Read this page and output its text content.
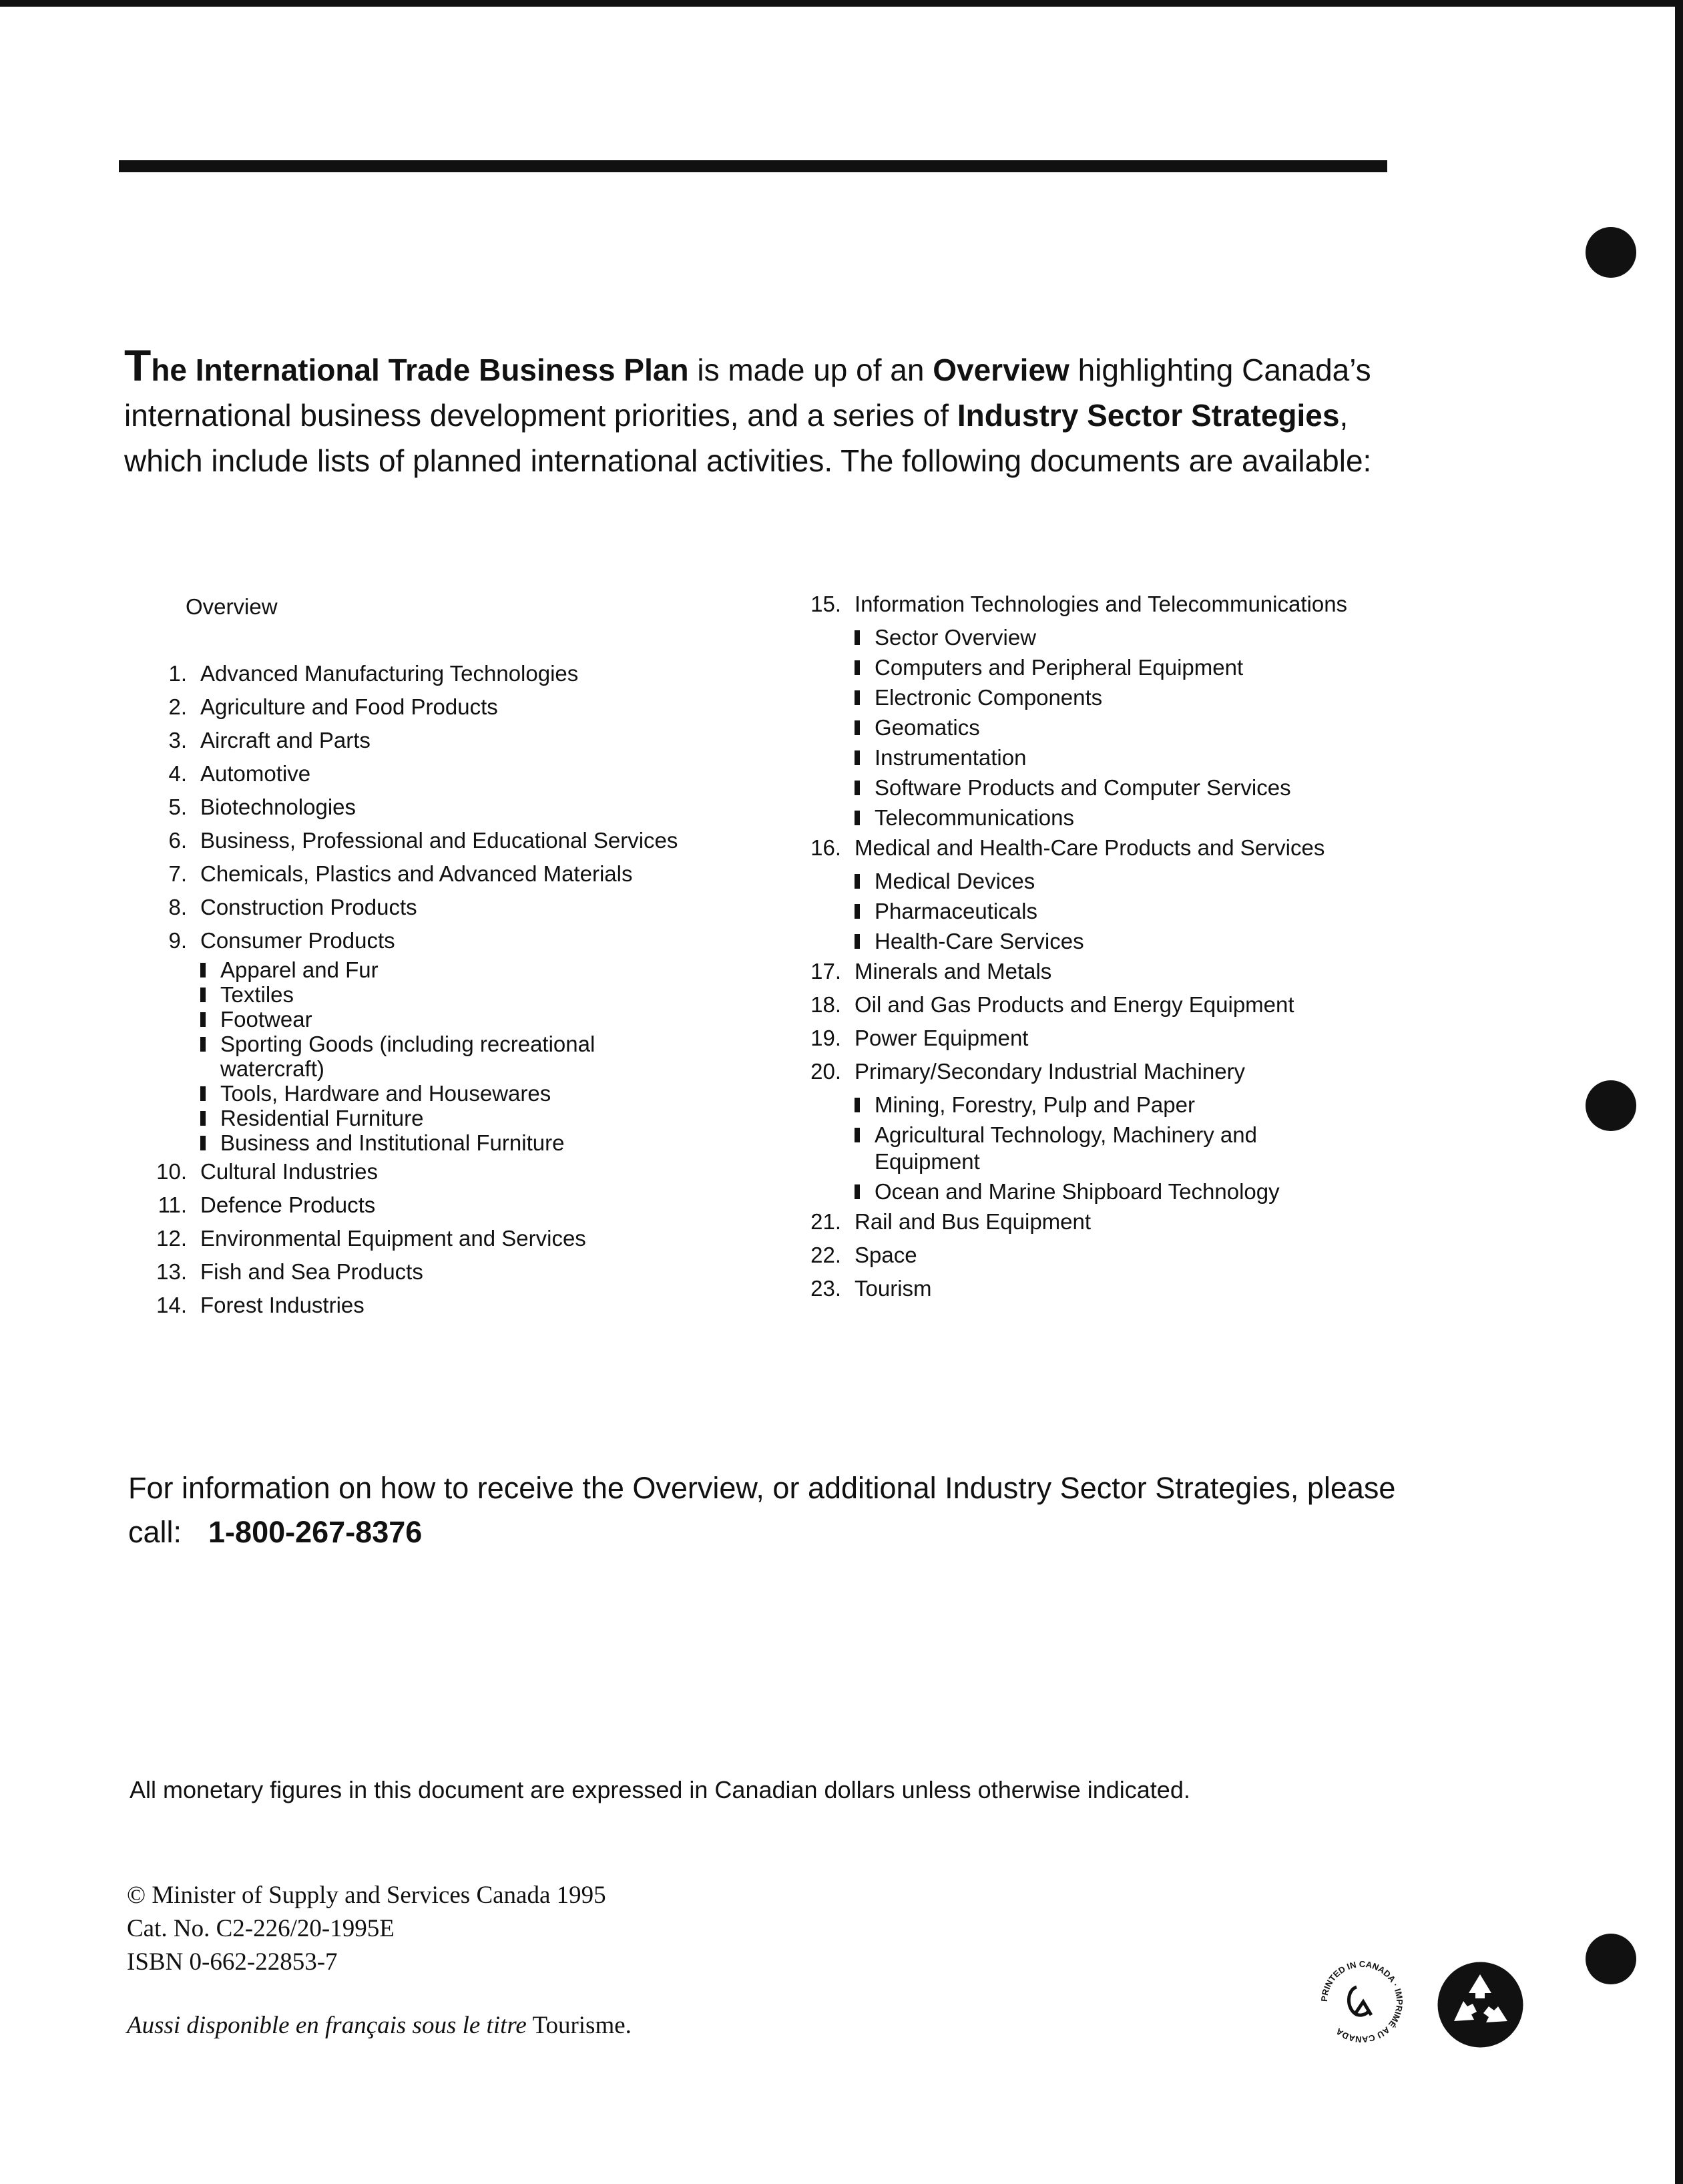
The International Trade Business Plan is made up of an Overview highlighting Canada’s international business development priorities, and a series of Industry Sector Strategies, which include lists of planned international activities. The following documents are available:
Overview
1. Advanced Manufacturing Technologies
2. Agriculture and Food Products
3. Aircraft and Parts
4. Automotive
5. Biotechnologies
6. Business, Professional and Educational Services
7. Chemicals, Plastics and Advanced Materials
8. Construction Products
9. Consumer Products
Apparel and Fur
Textiles
Footwear
Sporting Goods (including recreational watercraft)
Tools, Hardware and Housewares
Residential Furniture
Business and Institutional Furniture
10. Cultural Industries
11. Defence Products
12. Environmental Equipment and Services
13. Fish and Sea Products
14. Forest Industries
15. Information Technologies and Telecommunications
Sector Overview
Computers and Peripheral Equipment
Electronic Components
Geomatics
Instrumentation
Software Products and Computer Services
Telecommunications
16. Medical and Health-Care Products and Services
Medical Devices
Pharmaceuticals
Health-Care Services
17. Minerals and Metals
18. Oil and Gas Products and Energy Equipment
19. Power Equipment
20. Primary/Secondary Industrial Machinery
Mining, Forestry, Pulp and Paper
Agricultural Technology, Machinery and Equipment
Ocean and Marine Shipboard Technology
21. Rail and Bus Equipment
22. Space
23. Tourism
For information on how to receive the Overview, or additional Industry Sector Strategies, please call: 1-800-267-8376
All monetary figures in this document are expressed in Canadian dollars unless otherwise indicated.
© Minister of Supply and Services Canada 1995
Cat. No. C2-226/20-1995E
ISBN 0-662-22853-7
Aussi disponible en français sous le titre Tourisme.
PRINTED IN CANADA · IMPRIMÉ AU CANADA
